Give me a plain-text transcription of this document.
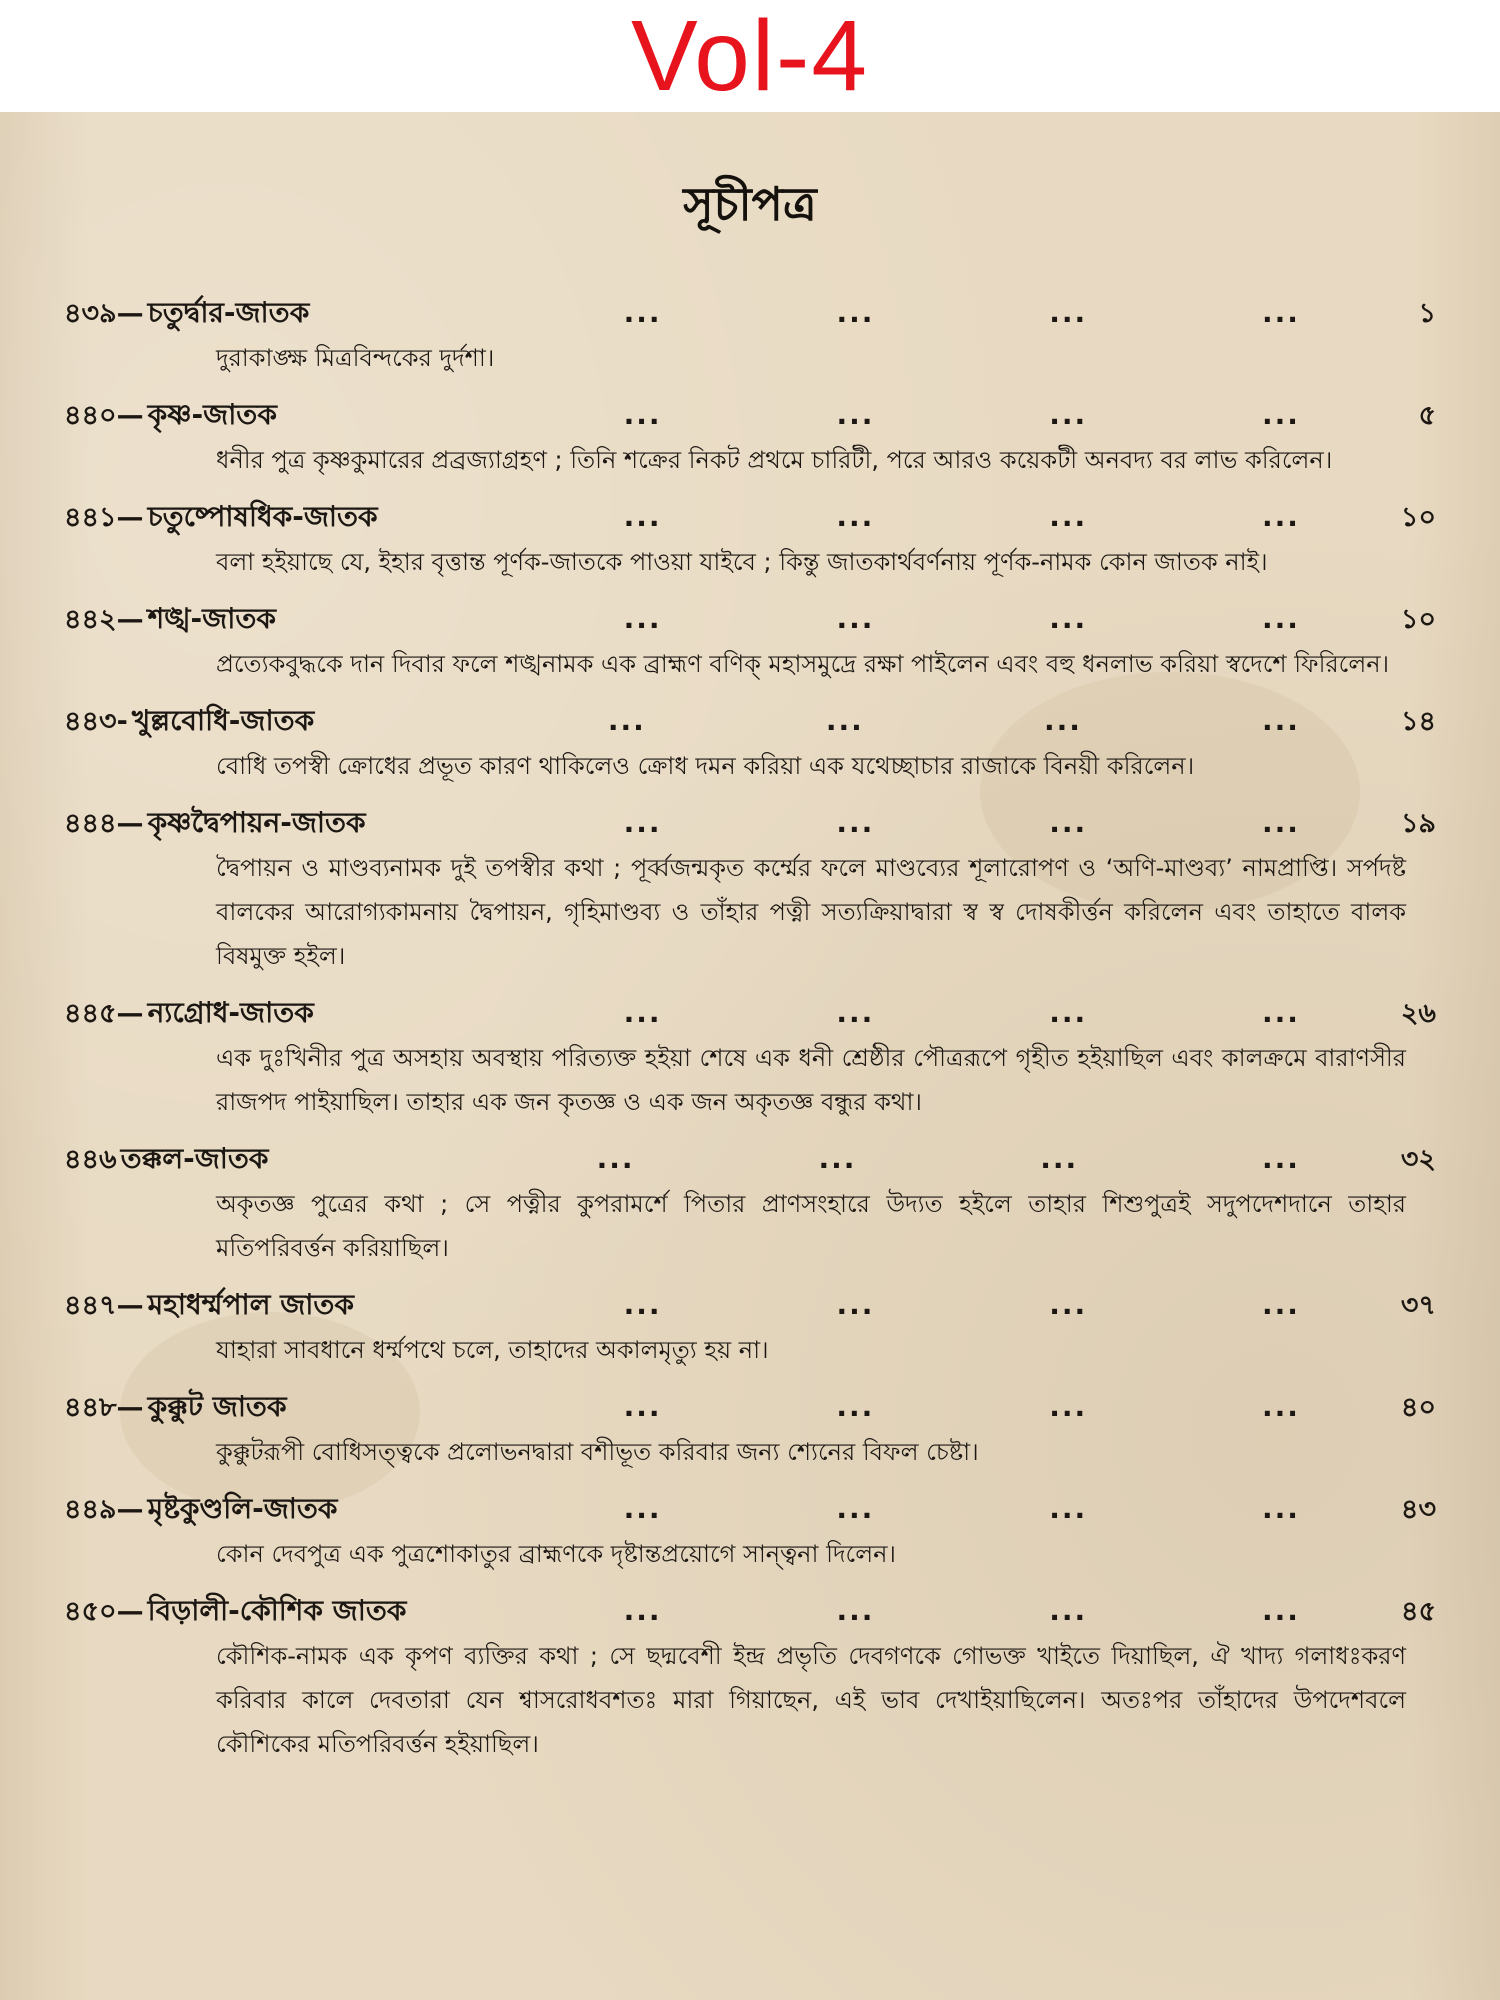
Vol-4
সূচীপত্র
৪৩৯— চতুর্দ্বার-জাতক	...	...	...	...	১
দুরাকাঙ্ক্ষ মিত্রবিন্দকের দুর্দশা।
৪৪০— কৃষ্ণ-জাতক	...	...	...	...	৫
ধনীর পুত্র কৃষ্ণকুমারের প্রব্রজ্যাগ্রহণ ; তিনি শক্রের নিকট প্রথমে চারিটী, পরে আরও কয়েকটী অনবদ্য বর লাভ করিলেন।
৪৪১— চতুষ্পোষধিক-জাতক	...	...	...	...	১০
বলা হইয়াছে যে, ইহার বৃত্তান্ত পূর্ণক-জাতকে পাওয়া যাইবে ; কিন্তু জাতকার্থবর্ণনায় পূর্ণক-নামক কোন জাতক নাই।
৪৪২— শঙ্খ-জাতক	...	...	...	...	১০
প্রত্যেকবুদ্ধকে দান দিবার ফলে শঙ্খনামক এক ব্রাহ্মণ বণিক্‌ মহাসমুদ্রে রক্ষা পাইলেন এবং বহু ধনলাভ করিয়া স্বদেশে ফিরিলেন।
৪৪৩- খুল্লবোধি-জাতক	...	...	...	...	১৪
বোধি তপস্বী ক্রোধের প্রভূত কারণ থাকিলেও ক্রোধ দমন করিয়া এক যথেচ্ছাচার রাজাকে বিনয়ী করিলেন।
৪৪৪— কৃষ্ণদ্বৈপায়ন-জাতক	...	...	...	...	১৯
দ্বৈপায়ন ও মাণ্ডব্যনামক দুই তপস্বীর কথা ; পূর্ব্বজন্মকৃত কর্ম্মের ফলে মাণ্ডব্যের শূলারোপণ ও ‘অণি-মাণ্ডব্য’ নামপ্রাপ্তি। সর্পদষ্ট বালকের আরোগ্যকামনায় দ্বৈপায়ন, গৃহিমাণ্ডব্য ও তাঁহার পত্নী সত্যক্রিয়াদ্বারা স্ব স্ব দোষকীর্ত্তন করিলেন এবং তাহাতে বালক বিষমুক্ত হইল।
৪৪৫— ন্যগ্রোধ-জাতক	...	...	...	...	২৬
এক দুঃখিনীর পুত্র অসহায় অবস্থায় পরিত্যক্ত হইয়া শেষে এক ধনী শ্রেষ্ঠীর পৌত্ররূপে গৃহীত হইয়াছিল এবং কালক্রমে বারাণসীর রাজপদ পাইয়াছিল। তাহার এক জন কৃতজ্ঞ ও এক জন অকৃতজ্ঞ বন্ধুর কথা।
৪৪৬ তক্কল-জাতক	...	...	...	...	৩২
অকৃতজ্ঞ পুত্রের কথা ; সে পত্নীর কুপরামর্শে পিতার প্রাণসংহারে উদ্যত হইলে তাহার শিশুপুত্রই সদুপদেশদানে তাহার মতিপরিবর্ত্তন করিয়াছিল।
৪৪৭— মহাধর্ম্মপাল জাতক	...	...	...	...	৩৭
যাহারা সাবধানে ধর্ম্মপথে চলে, তাহাদের অকালমৃত্যু হয় না।
৪৪৮— কুক্কুট জাতক	...	...	...	...	৪০
কুক্কুটরূপী বোধিসত্ত্বকে প্রলোভনদ্বারা বশীভূত করিবার জন্য শ্যেনের বিফল চেষ্টা।
৪৪৯— মৃষ্টকুণ্ডলি-জাতক	...	...	...	...	৪৩
কোন দেবপুত্র এক পুত্রশোকাতুর ব্রাহ্মণকে দৃষ্টান্তপ্রয়োগে সান্ত্বনা দিলেন।
৪৫০— বিড়ালী-কৌশিক জাতক	...	...	...	...	৪৫
কৌশিক-নামক এক কৃপণ ব্যক্তির কথা ; সে ছদ্মবেশী ইন্দ্র প্রভৃতি দেবগণকে গোভক্ত খাইতে দিয়াছিল, ঐ খাদ্য গলাধঃকরণ করিবার কালে দেবতারা যেন শ্বাসরোধবশতঃ মারা গিয়াছেন, এই ভাব দেখাইয়াছিলেন। অতঃপর তাঁহাদের উপদেশবলে কৌশিকের মতিপরিবর্ত্তন হইয়াছিল।
